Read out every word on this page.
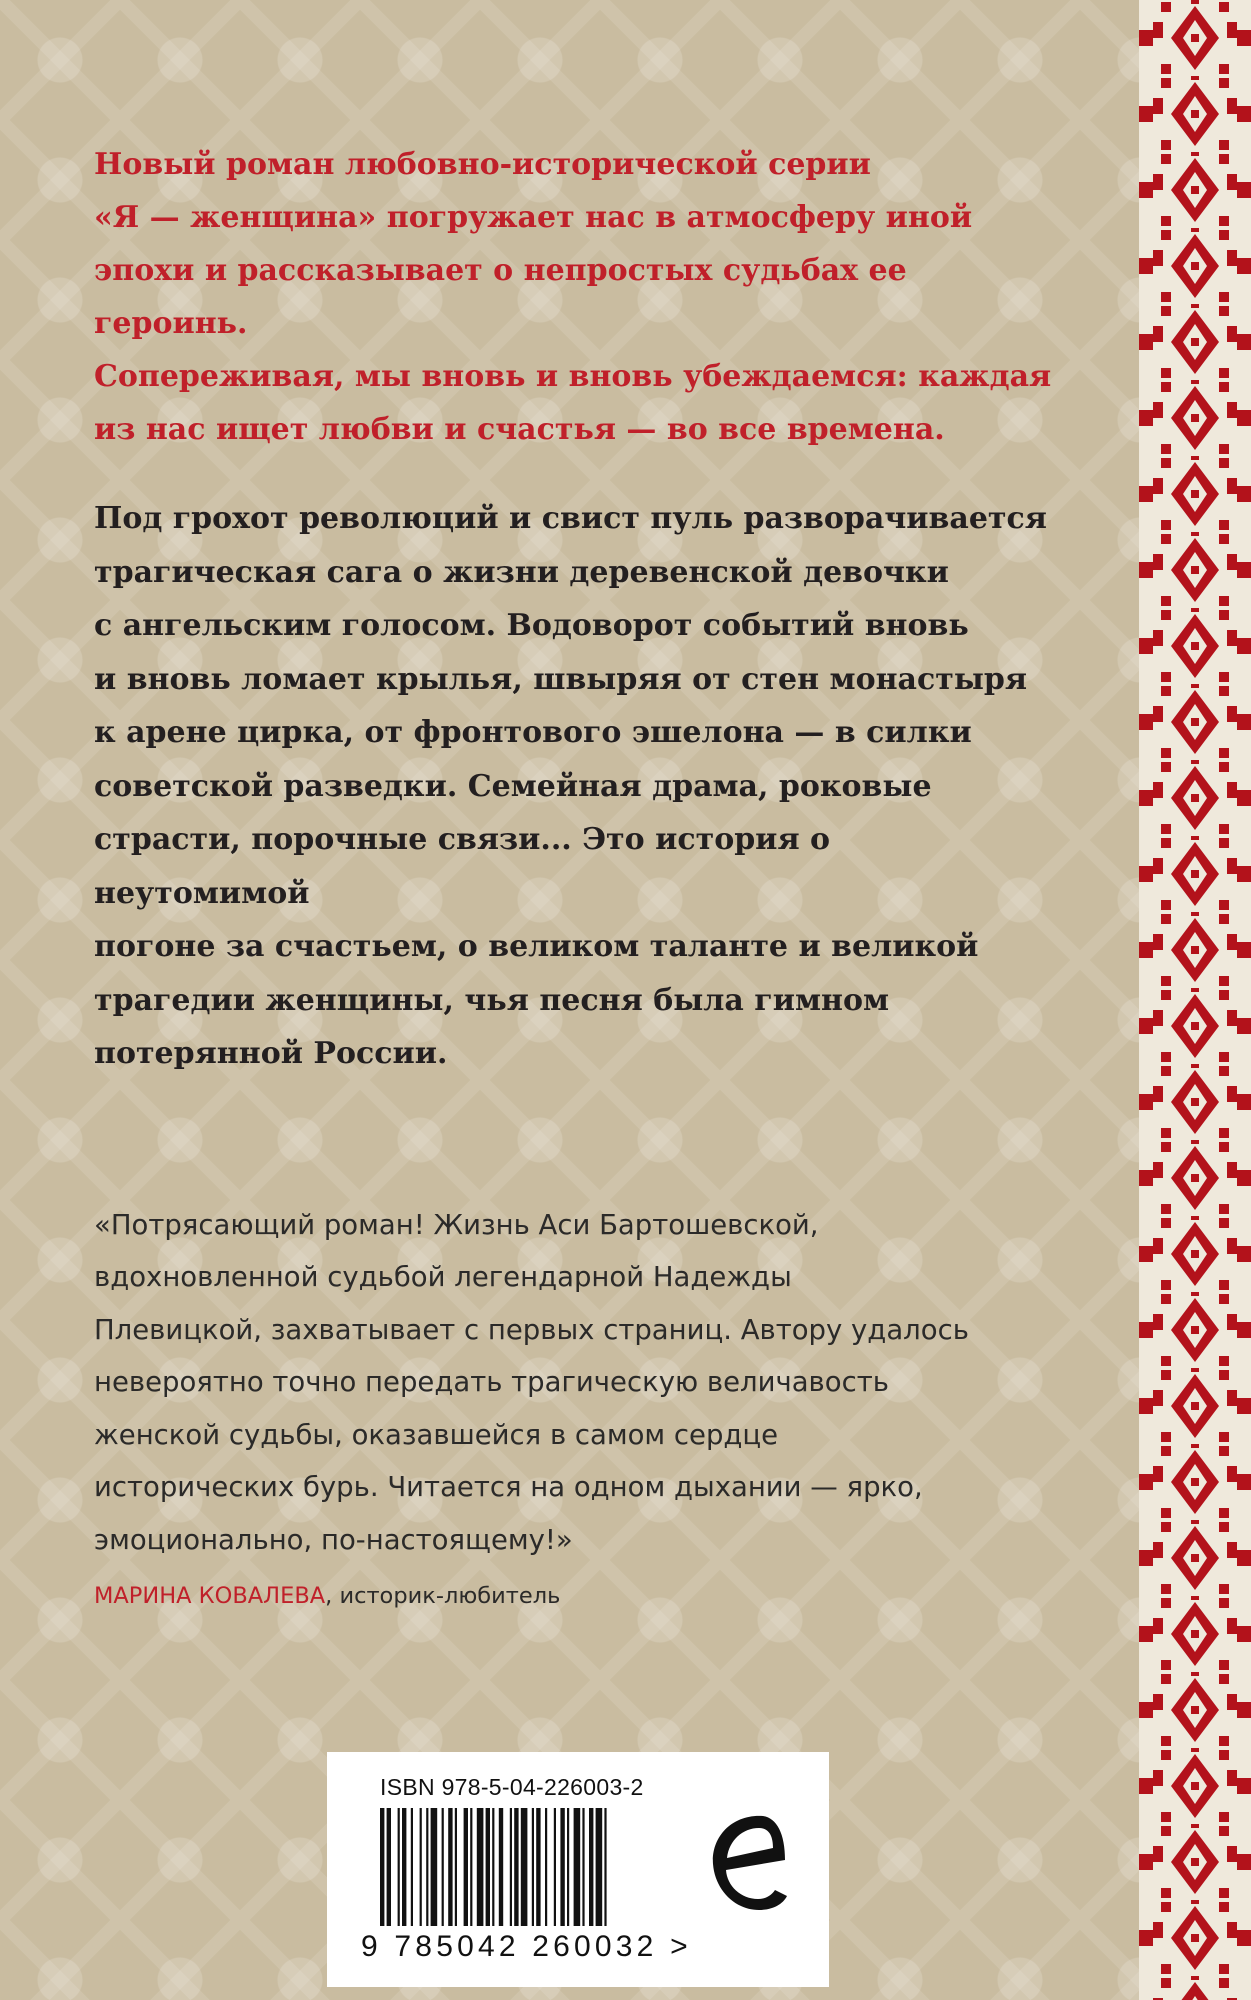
Новый роман любовно-исторической серии
«Я — женщина» погружает нас в атмосферу иной
эпохи и рассказывает о непростых судьбах ее героинь.
Сопереживая, мы вновь и вновь убеждаемся: каждая
из нас ищет любви и счастья — во все времена.

Под грохот революций и свист пуль разворачивается
трагическая сага о жизни деревенской девочки
с ангельским голосом. Водоворот событий вновь
и вновь ломает крылья, швыряя от стен монастыря
к арене цирка, от фронтового эшелона — в силки
советской разведки. Семейная драма, роковые
страсти, порочные связи... Это история о неутомимой
погоне за счастьем, о великом таланте и великой
трагедии женщины, чья песня была гимном
потерянной России.

«Потрясающий роман! Жизнь Аси Бартошевской,
вдохновленной судьбой легендарной Надежды
Плевицкой, захватывает с первых страниц. Автору удалось
невероятно точно передать трагическую величавость
женской судьбы, оказавшейся в самом сердце
исторических бурь. Читается на одном дыхании — ярко,
эмоционально, по-настоящему!»

МАРИНА КОВАЛЕВА, историк-любитель

ISBN 978-5-04-226003-2
9 785042 260032 >
